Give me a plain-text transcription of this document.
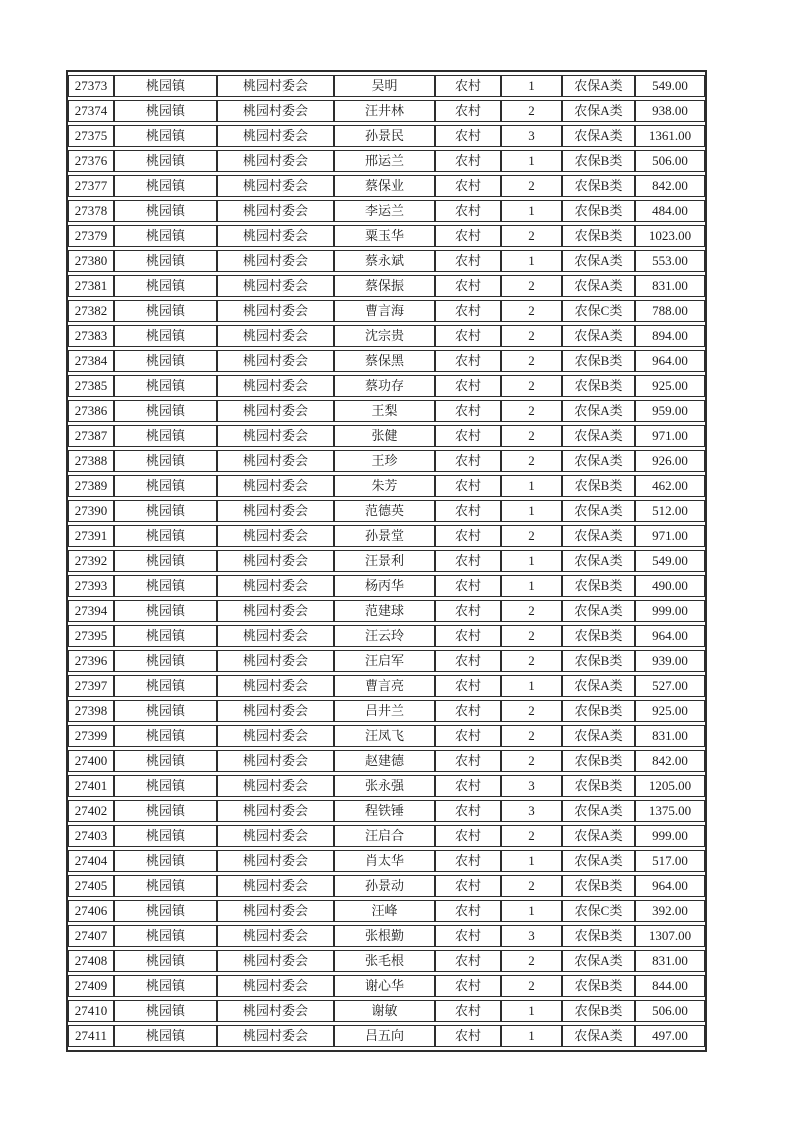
27373	桃园镇	桃园村委会	吴明	农村	1	农保A类	549.00
27374	桃园镇	桃园村委会	汪井林	农村	2	农保A类	938.00
27375	桃园镇	桃园村委会	孙景民	农村	3	农保A类	1361.00
27376	桃园镇	桃园村委会	邢运兰	农村	1	农保B类	506.00
27377	桃园镇	桃园村委会	蔡保业	农村	2	农保B类	842.00
27378	桃园镇	桃园村委会	李运兰	农村	1	农保B类	484.00
27379	桃园镇	桃园村委会	粟玉华	农村	2	农保B类	1023.00
27380	桃园镇	桃园村委会	蔡永斌	农村	1	农保A类	553.00
27381	桃园镇	桃园村委会	蔡保振	农村	2	农保A类	831.00
27382	桃园镇	桃园村委会	曹言海	农村	2	农保C类	788.00
27383	桃园镇	桃园村委会	沈宗贵	农村	2	农保A类	894.00
27384	桃园镇	桃园村委会	蔡保黑	农村	2	农保B类	964.00
27385	桃园镇	桃园村委会	蔡功存	农村	2	农保B类	925.00
27386	桃园镇	桃园村委会	王梨	农村	2	农保A类	959.00
27387	桃园镇	桃园村委会	张健	农村	2	农保A类	971.00
27388	桃园镇	桃园村委会	王珍	农村	2	农保A类	926.00
27389	桃园镇	桃园村委会	朱芳	农村	1	农保B类	462.00
27390	桃园镇	桃园村委会	范德英	农村	1	农保A类	512.00
27391	桃园镇	桃园村委会	孙景堂	农村	2	农保A类	971.00
27392	桃园镇	桃园村委会	汪景利	农村	1	农保A类	549.00
27393	桃园镇	桃园村委会	杨丙华	农村	1	农保B类	490.00
27394	桃园镇	桃园村委会	范建球	农村	2	农保A类	999.00
27395	桃园镇	桃园村委会	汪云玲	农村	2	农保B类	964.00
27396	桃园镇	桃园村委会	汪启军	农村	2	农保B类	939.00
27397	桃园镇	桃园村委会	曹言亮	农村	1	农保A类	527.00
27398	桃园镇	桃园村委会	吕井兰	农村	2	农保B类	925.00
27399	桃园镇	桃园村委会	汪凤飞	农村	2	农保A类	831.00
27400	桃园镇	桃园村委会	赵建德	农村	2	农保B类	842.00
27401	桃园镇	桃园村委会	张永强	农村	3	农保B类	1205.00
27402	桃园镇	桃园村委会	程铁锤	农村	3	农保A类	1375.00
27403	桃园镇	桃园村委会	汪启合	农村	2	农保A类	999.00
27404	桃园镇	桃园村委会	肖太华	农村	1	农保A类	517.00
27405	桃园镇	桃园村委会	孙景动	农村	2	农保B类	964.00
27406	桃园镇	桃园村委会	汪峰	农村	1	农保C类	392.00
27407	桃园镇	桃园村委会	张根勤	农村	3	农保B类	1307.00
27408	桃园镇	桃园村委会	张毛根	农村	2	农保A类	831.00
27409	桃园镇	桃园村委会	谢心华	农村	2	农保B类	844.00
27410	桃园镇	桃园村委会	谢敏	农村	1	农保B类	506.00
27411	桃园镇	桃园村委会	吕五向	农村	1	农保A类	497.00
